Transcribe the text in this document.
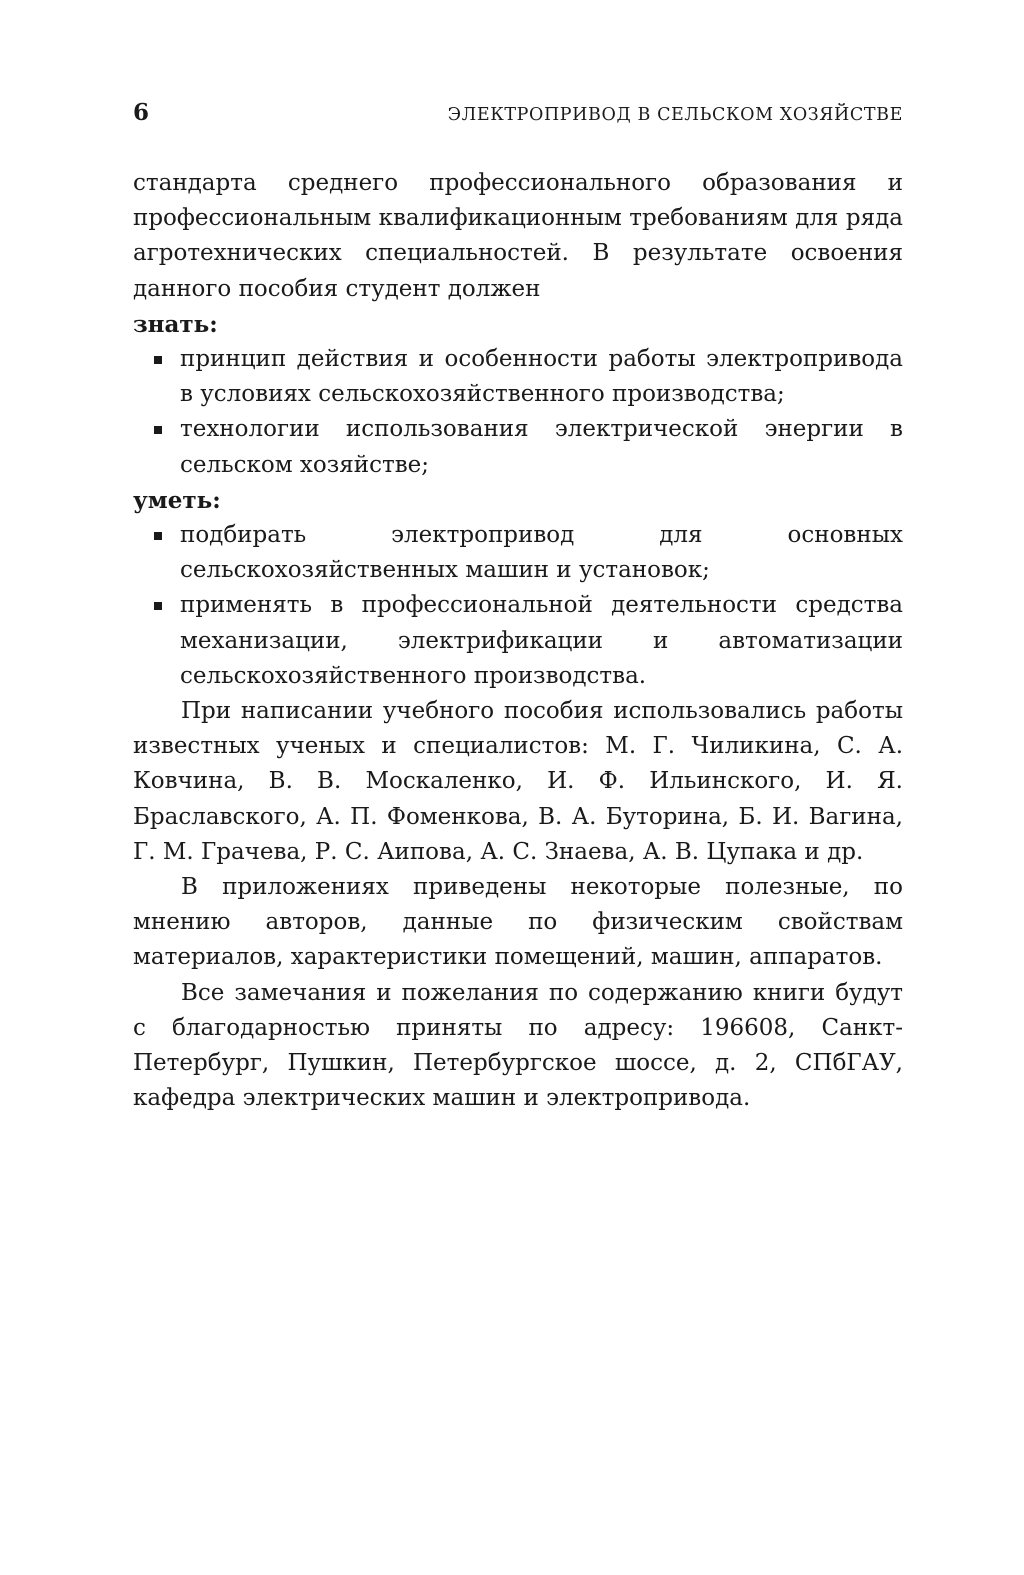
6	ЭЛЕКТРОПРИВОД В СЕЛЬСКОМ ХОЗЯЙСТВЕ

стандарта среднего профессионального образования и профессиональным квалификационным требованиям для ряда агротехнических специальностей. В результате освоения данного пособия студент должен

знать:

принцип действия и особенности работы электропривода в условиях сельскохозяйственного производства;
технологии использования электрической энергии в сельском хозяйстве;

уметь:

подбирать электропривод для основных сельскохозяйственных машин и установок;
применять в профессиональной деятельности средства механизации, электрификации и автоматизации сельскохозяйственного производства.

При написании учебного пособия использовались работы известных ученых и специалистов: М. Г. Чиликина, С. А. Ковчина, В. В. Москаленко, И. Ф. Ильинского, И. Я. Браславского, А. П. Фоменкова, В. А. Буторина, Б. И. Вагина, Г. М. Грачева, Р. С. Аипова, А. С. Знаева, А. В. Цупака и др.

В приложениях приведены некоторые полезные, по мнению авторов, данные по физическим свойствам материалов, характеристики помещений, машин, аппаратов.

Все замечания и пожелания по содержанию книги будут с благодарностью приняты по адресу: 196608, Санкт-Петербург, Пушкин, Петербургское шоссе, д. 2, СПбГАУ, кафедра электрических машин и электропривода.
